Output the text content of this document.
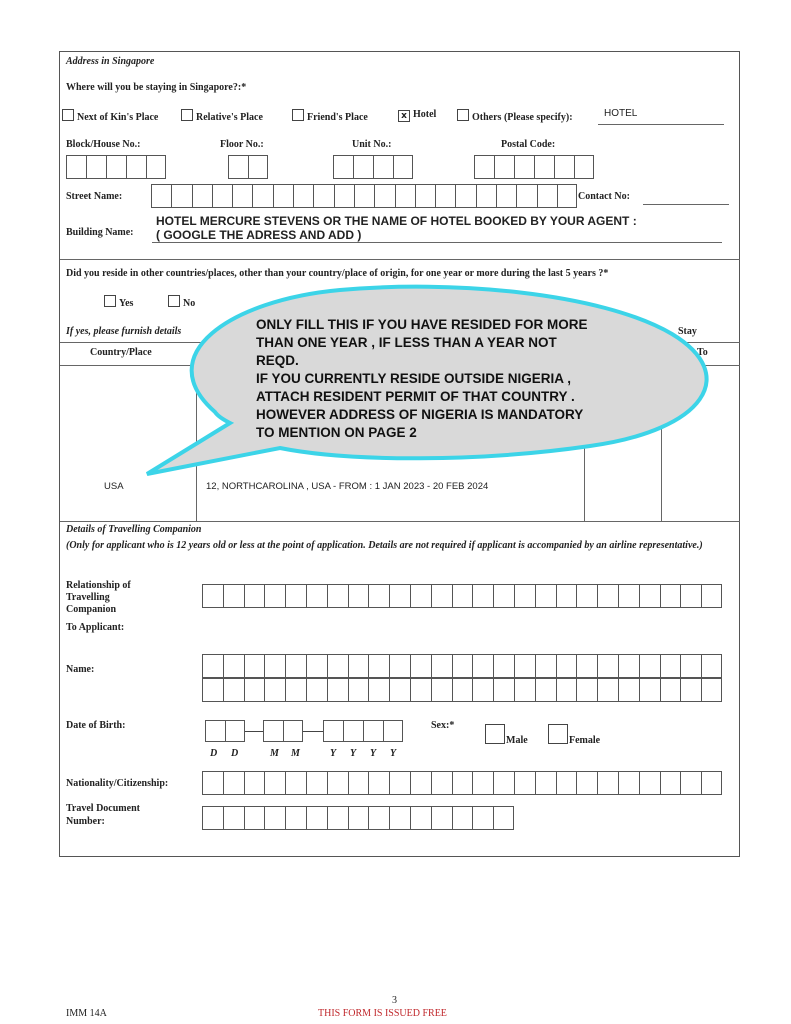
Address in Singapore
Where will you be staying in Singapore?:*
Next of Kin's Place	Relative's Place	Friend's Place	x Hotel	Others (Please specify):	HOTEL
Block/House No.:	Floor No.:	Unit No.:	Postal Code:
Street Name:	Contact No:
Building Name:
HOTEL MERCURE STEVENS OR THE NAME OF HOTEL BOOKED BY YOUR AGENT :
( GOOGLE THE ADRESS AND ADD )
Did you reside in other countries/places, other than your country/place of origin, for one year or more during the last 5 years ?*
Yes	No
If yes, please furnish details
Country/Place
Stay
To
USA	12, NORTHCAROLINA , USA - FROM : 1 JAN 2023 - 20 FEB 2024
ONLY FILL THIS IF YOU HAVE RESIDED FOR MORE
THAN ONE YEAR , IF LESS THAN A YEAR NOT
REQD.
IF YOU CURRENTLY RESIDE OUTSIDE NIGERIA ,
ATTACH RESIDENT PERMIT OF THAT COUNTRY .
HOWEVER ADDRESS OF NIGERIA IS MANDATORY
TO MENTION ON PAGE 2
Details of Travelling Companion
(Only for applicant who is 12 years old or less at the point of application. Details are not required if applicant is accompanied by an airline representative.)
Relationship of
Travelling
Companion
To Applicant:
Name:
Date of Birth:
D D	M M	Y Y Y Y
Sex:*
Male	Female
Nationality/Citizenship:
Travel Document
Number:
IMM 14A
3
THIS FORM IS ISSUED FREE
